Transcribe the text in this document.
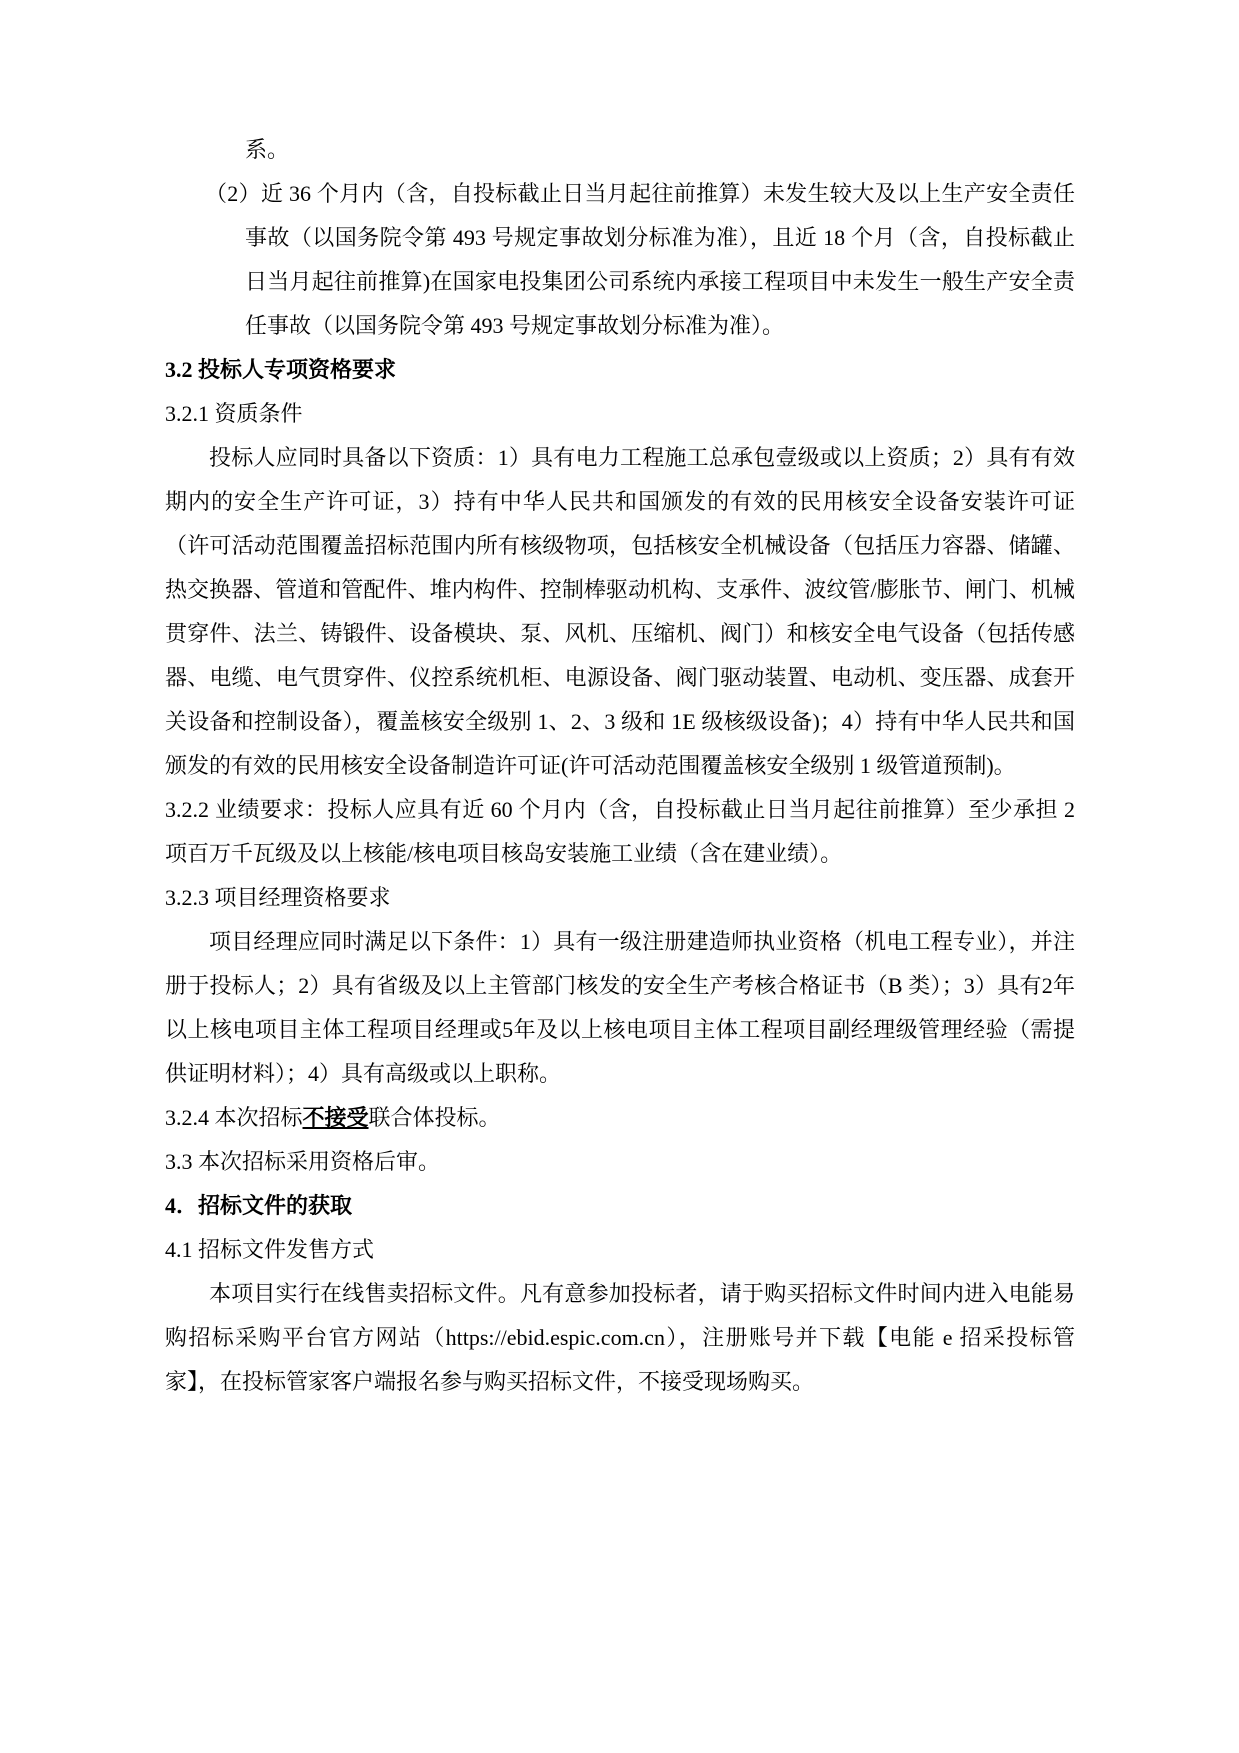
系。

（2）近 36 个月内（含，自投标截止日当月起往前推算）未发生较大及以上生产安全责任事故（以国务院令第 493 号规定事故划分标准为准），且近 18 个月（含，自投标截止日当月起往前推算)在国家电投集团公司系统内承接工程项目中未发生一般生产安全责任事故（以国务院令第 493 号规定事故划分标准为准）。

3.2 投标人专项资格要求

3.2.1 资质条件

投标人应同时具备以下资质：1）具有电力工程施工总承包壹级或以上资质；2）具有有效期内的安全生产许可证，3）持有中华人民共和国颁发的有效的民用核安全设备安装许可证（许可活动范围覆盖招标范围内所有核级物项，包括核安全机械设备（包括压力容器、储罐、热交换器、管道和管配件、堆内构件、控制棒驱动机构、支承件、波纹管/膨胀节、闸门、机械贯穿件、法兰、铸锻件、设备模块、泵、风机、压缩机、阀门）和核安全电气设备（包括传感器、电缆、电气贯穿件、仪控系统机柜、电源设备、阀门驱动装置、电动机、变压器、成套开关设备和控制设备），覆盖核安全级别 1、2、3 级和 1E 级核级设备)；4）持有中华人民共和国颁发的有效的民用核安全设备制造许可证(许可活动范围覆盖核安全级别 1 级管道预制)。

3.2.2 业绩要求：投标人应具有近 60 个月内（含，自投标截止日当月起往前推算）至少承担 2 项百万千瓦级及以上核能/核电项目核岛安装施工业绩（含在建业绩）。

3.2.3 项目经理资格要求

项目经理应同时满足以下条件：1）具有一级注册建造师执业资格（机电工程专业），并注册于投标人；2）具有省级及以上主管部门核发的安全生产考核合格证书（B 类）；3）具有2年以上核电项目主体工程项目经理或5年及以上核电项目主体工程项目副经理级管理经验（需提供证明材料）；4）具有高级或以上职称。

3.2.4 本次招标不接受联合体投标。

3.3 本次招标采用资格后审。

4．招标文件的获取

4.1 招标文件发售方式

本项目实行在线售卖招标文件。凡有意参加投标者，请于购买招标文件时间内进入电能易购招标采购平台官方网站（https://ebid.espic.com.cn），注册账号并下载【电能 e 招采投标管家】，在投标管家客户端报名参与购买招标文件，不接受现场购买。
